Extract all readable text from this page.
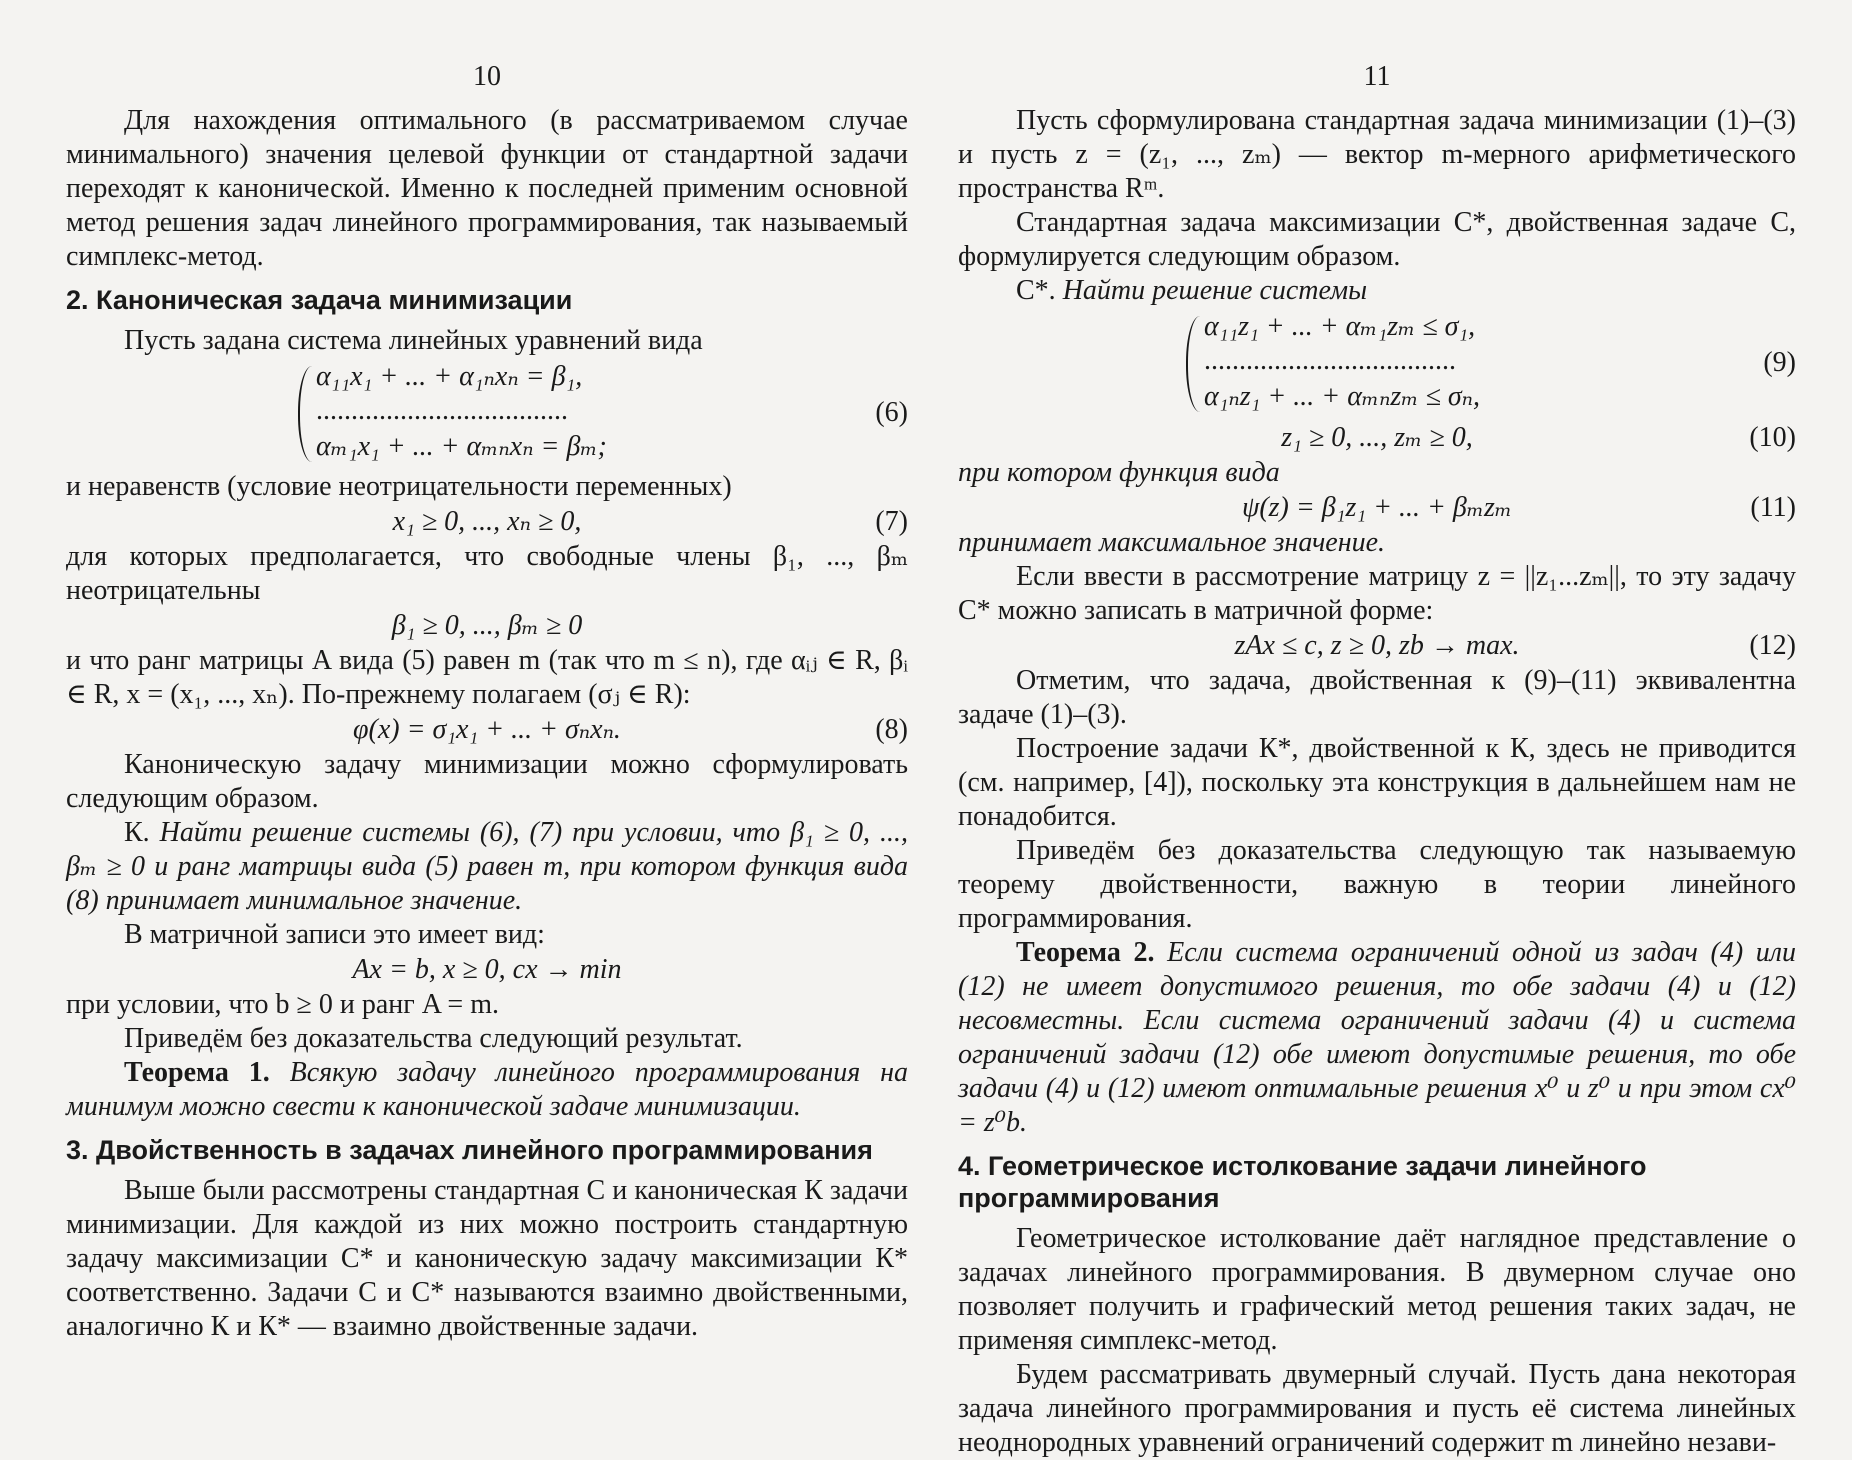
10

Для нахождения оптимального (в рассматриваемом случае минимального) значения целевой функции от стандартной задачи переходят к канонической. Именно к последней применим основной метод решения задач линейного программирования, так называемый симплекс-метод.

2. Каноническая задача минимизации

Пусть задана система линейных уравнений вида

α₁₁x₁ + ... + α₁ₙxₙ = β₁,
....................................
αₘ₁x₁ + ... + αₘₙxₙ = βₘ;
(6)

и неравенств (условие неотрицательности переменных)

x₁ ≥ 0, ..., xₙ ≥ 0,	(7)

для которых предполагается, что свободные члены β₁, ..., βₘ неотрицательны

β₁ ≥ 0, ..., βₘ ≥ 0

и что ранг матрицы A вида (5) равен m (так что m ≤ n), где αᵢⱼ ∈ R, βᵢ ∈ R, x = (x₁, ..., xₙ). По-прежнему полагаем (σⱼ ∈ R):

φ(x) = σ₁x₁ + ... + σₙxₙ.	(8)

Каноническую задачу минимизации можно сформулировать следующим образом.

К. Найти решение системы (6), (7) при условии, что β₁ ≥ 0, ..., βₘ ≥ 0 и ранг матрицы вида (5) равен m, при котором функция вида (8) принимает минимальное значение.

В матричной записи это имеет вид:

Ax = b, x ≥ 0, cx → min

при условии, что b ≥ 0 и ранг A = m.

Приведём без доказательства следующий результат.

Теорема 1. Всякую задачу линейного программирования на минимум можно свести к канонической задаче минимизации.

3. Двойственность в задачах линейного программирования

Выше были рассмотрены стандартная С и каноническая К задачи минимизации. Для каждой из них можно построить стандартную задачу максимизации С* и каноническую задачу максимизации К* соответственно. Задачи С и С* называются взаимно двойственными, аналогично К и К* — взаимно двойственные задачи.

11

Пусть сформулирована стандартная задача минимизации (1)–(3) и пусть z = (z₁, ..., zₘ) — вектор m-мерного арифметического пространства Rᵐ.

Стандартная задача максимизации С*, двойственная задаче С, формулируется следующим образом.

С*. Найти решение системы

α₁₁z₁ + ... + αₘ₁zₘ ≤ σ₁,
....................................
α₁ₙz₁ + ... + αₘₙzₘ ≤ σₙ,
(9)
z₁ ≥ 0, ..., zₘ ≥ 0,	(10)

при котором функция вида

ψ(z) = β₁z₁ + ... + βₘzₘ	(11)

принимает максимальное значение.

Если ввести в рассмотрение матрицу z = ||z₁...zₘ||, то эту задачу С* можно записать в матричной форме:

zAx ≤ c, z ≥ 0, zb → max.	(12)

Отметим, что задача, двойственная к (9)–(11) эквивалентна задаче (1)–(3).

Построение задачи К*, двойственной к К, здесь не приводится (см. например, [4]), поскольку эта конструкция в дальнейшем нам не понадобится.

Приведём без доказательства следующую так называемую теорему двойственности, важную в теории линейного программирования.

Теорема 2. Если система ограничений одной из задач (4) или (12) не имеет допустимого решения, то обе задачи (4) и (12) несовместны. Если система ограничений задачи (4) и система ограничений задачи (12) обе имеют допустимые решения, то обе задачи (4) и (12) имеют оптимальные решения x⁰ и z⁰ и при этом cx⁰ = z⁰b.

4. Геометрическое истолкование задачи линейного программирования

Геометрическое истолкование даёт наглядное представление о задачах линейного программирования. В двумерном случае оно позволяет получить и графический метод решения таких задач, не применяя симплекс-метод.

Будем рассматривать двумерный случай. Пусть дана некоторая задача линейного программирования и пусть её система линейных неоднородных уравнений ограничений содержит m линейно незави-
